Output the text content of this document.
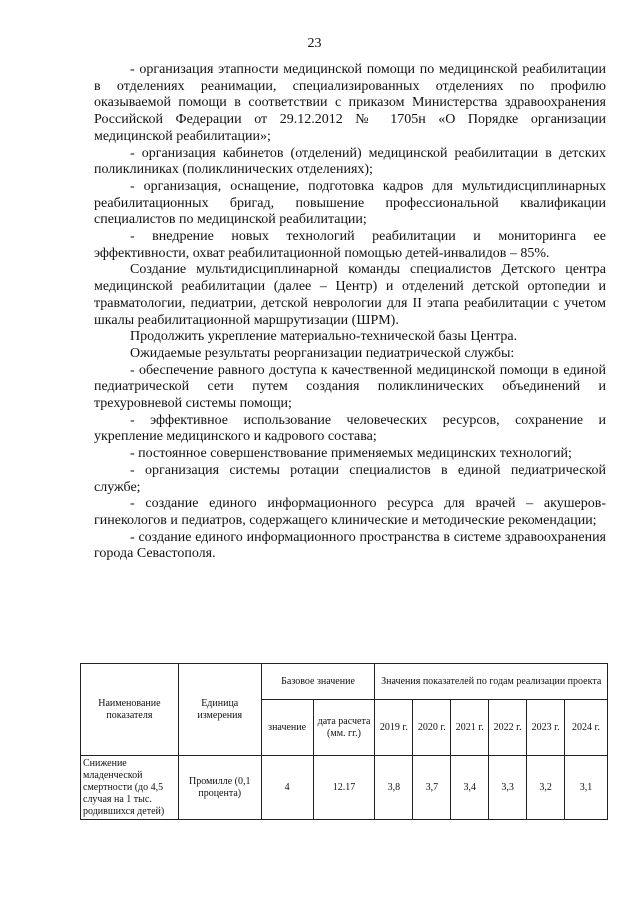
23

- организация этапности медицинской помощи по медицинской реабилитации в отделениях реанимации, специализированных отделениях по профилю оказываемой помощи в соответствии с приказом Министерства здравоохранения Российской Федерации от 29.12.2012 № 1705н «О Порядке организации медицинской реабилитации»;

- организация кабинетов (отделений) медицинской реабилитации в детских поликлиниках (поликлинических отделениях);

- организация, оснащение, подготовка кадров для мультидисциплинарных реабилитационных бригад, повышение профессиональной квалификации специалистов по медицинской реабилитации;

- внедрение новых технологий реабилитации и мониторинга ее эффективности, охват реабилитационной помощью детей-инвалидов – 85%.

Создание мультидисциплинарной команды специалистов Детского центра медицинской реабилитации (далее – Центр) и отделений детской ортопедии и травматологии, педиатрии, детской неврологии для II этапа реабилитации с учетом шкалы реабилитационной маршрутизации (ШРМ).

Продолжить укрепление материально-технической базы Центра.

Ожидаемые результаты реорганизации педиатрической службы:

- обеспечение равного доступа к качественной медицинской помощи в единой педиатрической сети путем создания поликлинических объединений и трехуровневой системы помощи;

- эффективное использование человеческих ресурсов, сохранение и укрепление медицинского и кадрового состава;

- постоянное совершенствование применяемых медицинских технологий;

- организация системы ротации специалистов в единой педиатрической службе;

- создание единого информационного ресурса для врачей – акушеров-гинекологов и педиатров, содержащего клинические и методические рекомендации;

- создание единого информационного пространства в системе здравоохранения города Севастополя.

Наименование показателя	Единица измерения	Базовое значение		Значения показателей по годам реализации проекта					
		значение	дата расчета (мм. гг.)	2019 г.	2020 г.	2021 г.	2022 г.	2023 г.	2024 г.
Снижение младенческой смертности (до 4,5 случая на 1 тыс. родившихся детей)	Промилле (0,1 процента)	4	12.17	3,8	3,7	3,4	3,3	3,2	3,1
